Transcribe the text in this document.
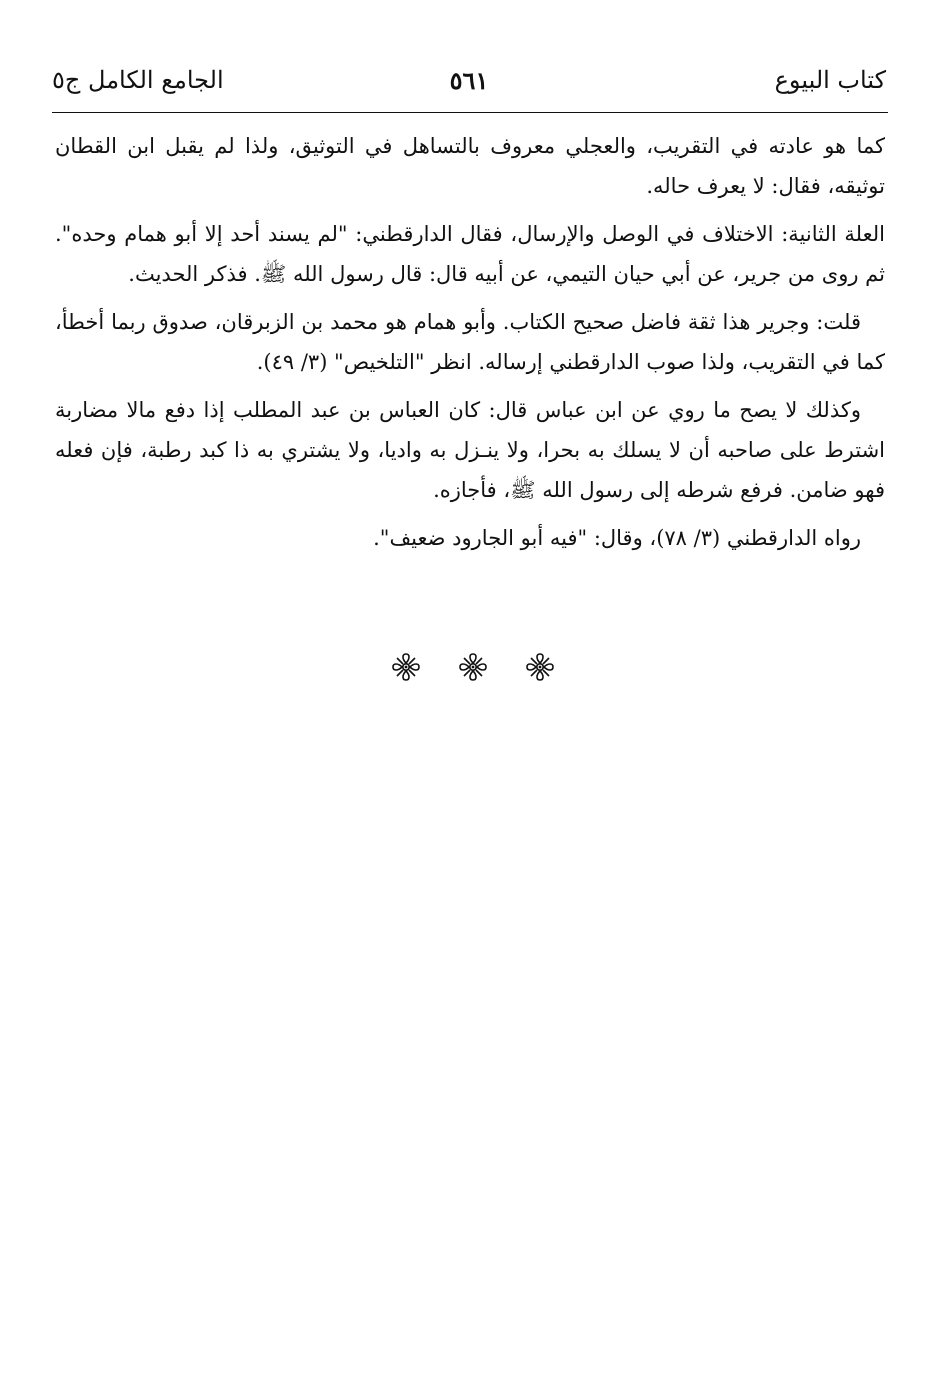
كتاب البيوع
٥٦١
الجامع الكامل ج٥

كما هو عادته في التقريب، والعجلي معروف بالتساهل في التوثيق، ولذا لم يقبل ابن القطان توثيقه، فقال: لا يعرف حاله.

العلة الثانية: الاختلاف في الوصل والإرسال، فقال الدارقطني: "لم يسند أحد إلا أبو همام وحده". ثم روى من جرير، عن أبي حيان التيمي، عن أبيه قال: قال رسول الله ﷺ. فذكر الحديث.

قلت: وجرير هذا ثقة فاضل صحيح الكتاب. وأبو همام هو محمد بن الزبرقان، صدوق ربما أخطأ، كما في التقريب، ولذا صوب الدارقطني إرساله. انظر "التلخيص" (٣/ ٤٩).

وكذلك لا يصح ما روي عن ابن عباس قال: كان العباس بن عبد المطلب إذا دفع مالا مضاربة اشترط على صاحبه أن لا يسلك به بحرا، ولا ينـزل به واديا، ولا يشتري به ذا كبد رطبة، فإن فعله فهو ضامن. فرفع شرطه إلى رسول الله ﷺ، فأجازه.

رواه الدارقطني (٣/ ٧٨)، وقال: "فيه أبو الجارود ضعيف".
